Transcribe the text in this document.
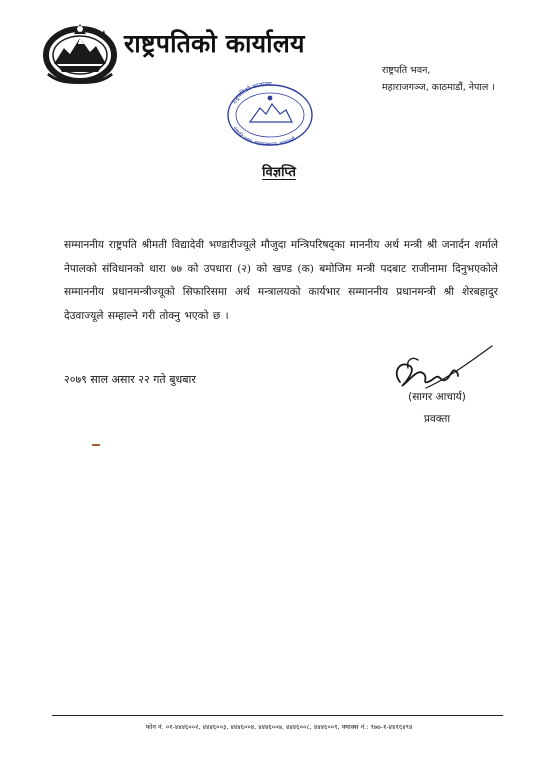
राष्ट्रपतिको कार्यालय
राष्ट्रपति भवन,
महाराजगञ्ज, काठमाडौं, नेपाल ।
राष्ट्रपतिको कार्यालय
राष्ट्रपति भवन, महाराजगञ्ज, काठमाडौं
विज्ञप्ति
सम्माननीय राष्ट्रपति श्रीमती विद्यादेवी भण्डारीज्यूले मौजुदा मन्त्रिपरिषद्का माननीय अर्थ मन्त्री श्री जनार्दन शर्माले नेपालको संविधानको धारा ७७ को उपधारा (२) को खण्ड (क) बमोजिम मन्त्री पदबाट राजीनामा दिनुभएकोले सम्माननीय प्रधानमन्त्रीज्यूको सिफारिसमा अर्थ मन्त्रालयको कार्यभार सम्माननीय प्रधानमन्त्री श्री शेरबहादुर देउवाज्यूले सम्हाल्ने गरी तोक्नु भएको छ ।
२०७९ साल असार २२ गते बुधबार
(सागर आचार्य)
प्रवक्ता
फोन नं. ०१-४४४६००२, ४४४६००३, ४४४६००४, ४४४६००७, ४४४६००८, ४४४६००९, फ्याक्स नं.: ९७७-१-४४१६४९४
